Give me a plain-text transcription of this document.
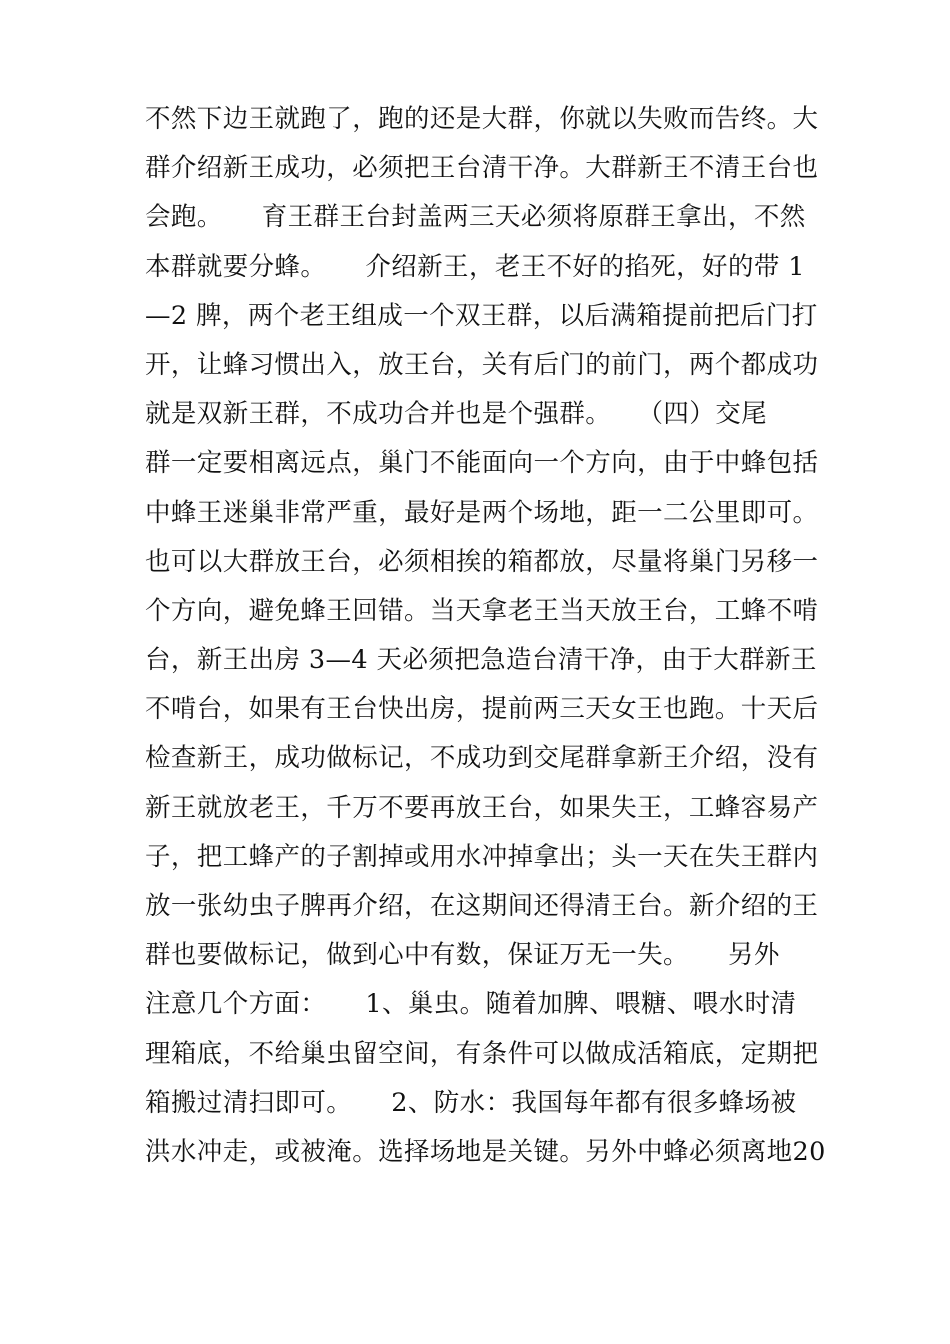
不然下边王就跑了，跑的还是大群，你就以失败而告终。大
群介绍新王成功，必须把王台清干净。大群新王不清王台也
会跑。　　育王群王台封盖两三天必须将原群王拿出，不然
本群就要分蜂。　　介绍新王，老王不好的掐死，好的带 1
—2 脾，两个老王组成一个双王群，以后满箱提前把后门打
开，让蜂习惯出入，放王台，关有后门的前门，两个都成功
就是双新王群，不成功合并也是个强群。　　（四）交尾
群一定要相离远点，巢门不能面向一个方向，由于中蜂包括
中蜂王迷巢非常严重，最好是两个场地，距一二公里即可。
也可以大群放王台，必须相挨的箱都放，尽量将巢门另移一
个方向，避免蜂王回错。当天拿老王当天放王台，工蜂不啃
台，新王出房 3—4 天必须把急造台清干净，由于大群新王
不啃台，如果有王台快出房，提前两三天女王也跑。十天后
检查新王，成功做标记，不成功到交尾群拿新王介绍，没有
新王就放老王，千万不要再放王台，如果失王，工蜂容易产
子，把工蜂产的子割掉或用水冲掉拿出；头一天在失王群内
放一张幼虫子脾再介绍，在这期间还得清王台。新介绍的王
群也要做标记，做到心中有数，保证万无一失。　　另外
注意几个方面：　　1、巢虫。随着加脾、喂糖、喂水时清
理箱底，不给巢虫留空间，有条件可以做成活箱底，定期把
箱搬过清扫即可。　　2、防水：我国每年都有很多蜂场被
洪水冲走，或被淹。选择场地是关键。另外中蜂必须离地20
